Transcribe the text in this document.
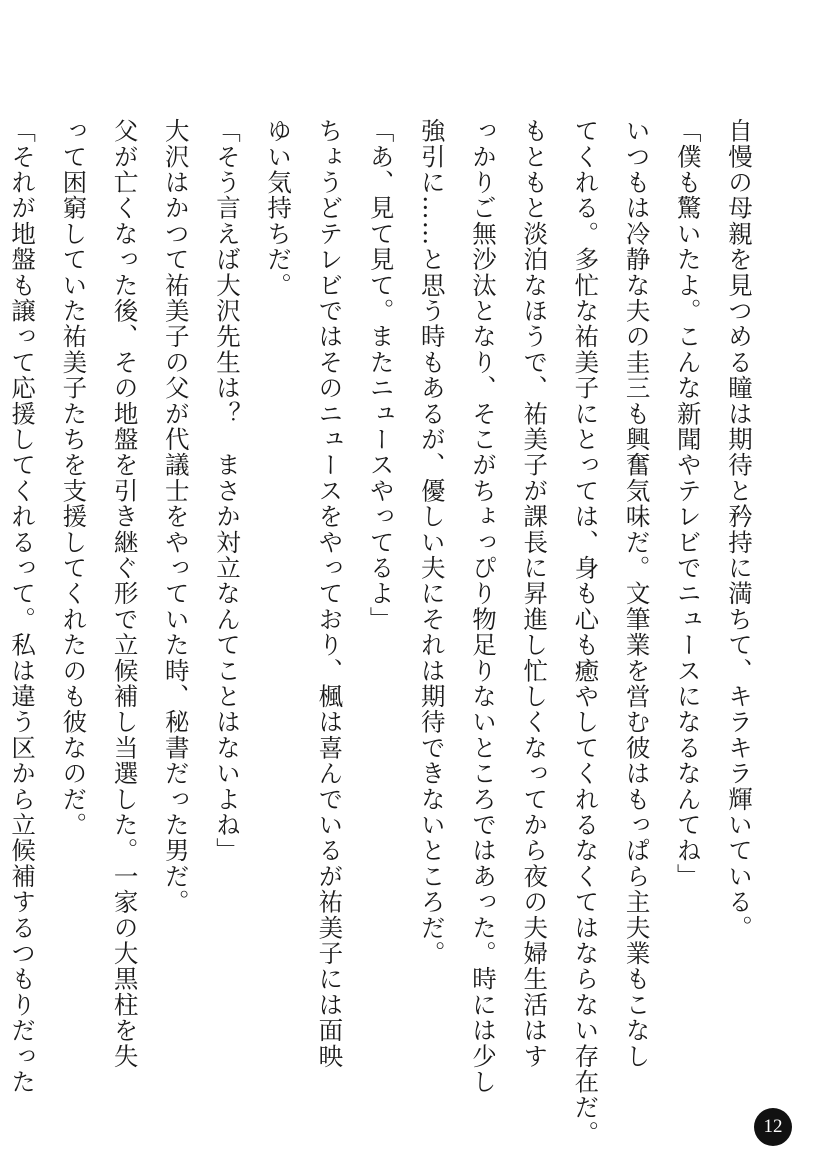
自慢の母親を見つめる瞳は期待と矜持に満ちて、キラキラ輝いている。
「僕も驚いたよ。こんな新聞やテレビでニュースになるなんてね」
いつもは冷静な夫の圭三も興奮気味だ。文筆業を営む彼はもっぱら主夫業もこなし
てくれる。多忙な祐美子にとっては、身も心も癒やしてくれるなくてはならない存在だ。
もともと淡泊なほうで、祐美子が課長に昇進し忙しくなってから夜の夫婦生活はす
っかりご無沙汰となり、そこがちょっぴり物足りないところではあった。時には少し
強引に……と思う時もあるが、優しい夫にそれは期待できないところだ。
「あ、見て見て。またニュースやってるよ」
ちょうどテレビではそのニュースをやっており、楓は喜んでいるが祐美子には面映
ゆい気持ちだ。
「そう言えば大沢先生は？　まさか対立なんてことはないよね」
大沢はかつて祐美子の父が代議士をやっていた時、秘書だった男だ。
父が亡くなった後、その地盤を引き継ぐ形で立候補し当選した。一家の大黒柱を失
って困窮していた祐美子たちを支援してくれたのも彼なのだ。
「それが地盤も譲って応援してくれるって。私は違う区から立候補するつもりだった
12
